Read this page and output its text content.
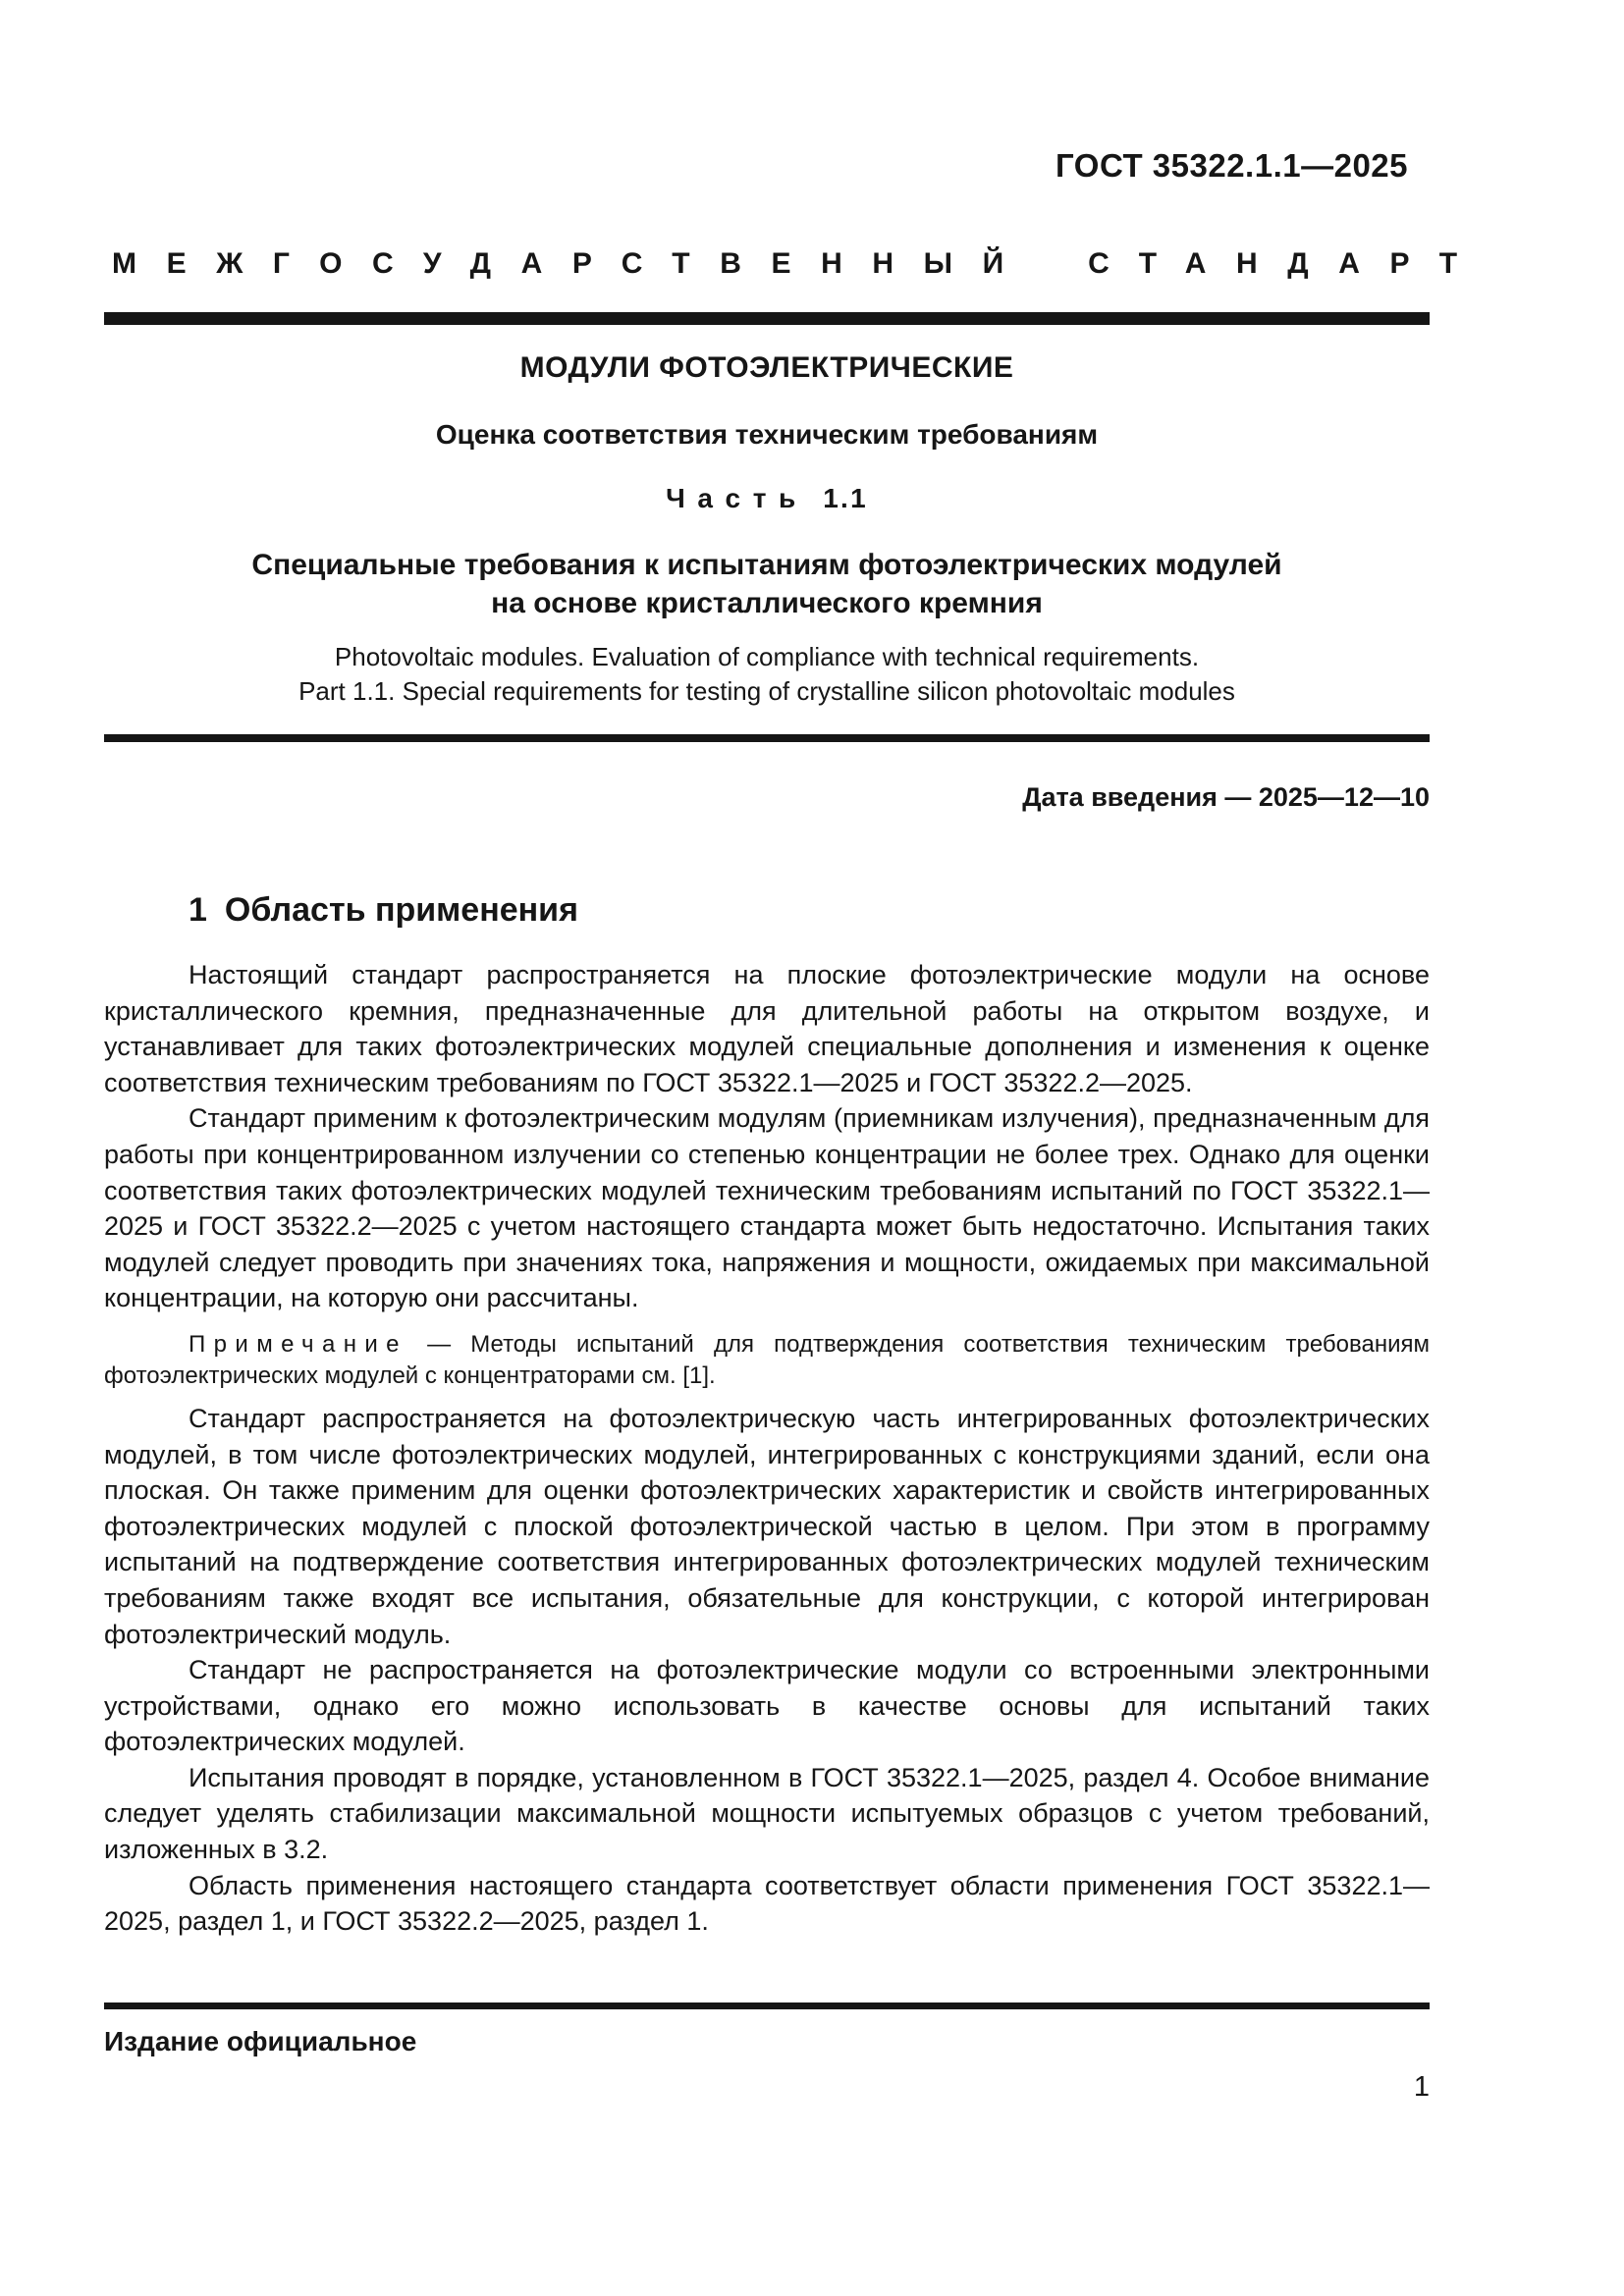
ГОСТ 35322.1.1—2025
МЕЖГОСУДАРСТВЕННЫЙ СТАНДАРТ
МОДУЛИ ФОТОЭЛЕКТРИЧЕСКИЕ
Оценка соответствия техническим требованиям
Часть 1.1
Специальные требования к испытаниям фотоэлектрических модулей
на основе кристаллического кремния
Photovoltaic modules. Evaluation of compliance with technical requirements.
Part 1.1. Special requirements for testing of crystalline silicon photovoltaic modules
Дата введения — 2025—12—10
1 Область применения

Настоящий стандарт распространяется на плоские фотоэлектрические модули на основе кристаллического кремния, предназначенные для длительной работы на открытом воздухе, и устанавливает для таких фотоэлектрических модулей специальные дополнения и изменения к оценке соответствия техническим требованиям по ГОСТ 35322.1—2025 и ГОСТ 35322.2—2025.

Стандарт применим к фотоэлектрическим модулям (приемникам излучения), предназначенным для работы при концентрированном излучении со степенью концентрации не более трех. Однако для оценки соответствия таких фотоэлектрических модулей техническим требованиям испытаний по ГОСТ 35322.1—2025 и ГОСТ 35322.2—2025 с учетом настоящего стандарта может быть недостаточно. Испытания таких модулей следует проводить при значениях тока, напряжения и мощности, ожидаемых при максимальной концентрации, на которую они рассчитаны.

Примечание — Методы испытаний для подтверждения соответствия техническим требованиям фотоэлектрических модулей с концентраторами см. [1].

Стандарт распространяется на фотоэлектрическую часть интегрированных фотоэлектрических модулей, в том числе фотоэлектрических модулей, интегрированных с конструкциями зданий, если она плоская. Он также применим для оценки фотоэлектрических характеристик и свойств интегрированных фотоэлектрических модулей с плоской фотоэлектрической частью в целом. При этом в программу испытаний на подтверждение соответствия интегрированных фотоэлектрических модулей техническим требованиям также входят все испытания, обязательные для конструкции, с которой интегрирован фотоэлектрический модуль.

Стандарт не распространяется на фотоэлектрические модули со встроенными электронными устройствами, однако его можно использовать в качестве основы для испытаний таких фотоэлектрических модулей.

Испытания проводят в порядке, установленном в ГОСТ 35322.1—2025, раздел 4. Особое внимание следует уделять стабилизации максимальной мощности испытуемых образцов с учетом требований, изложенных в 3.2.

Область применения настоящего стандарта соответствует области применения ГОСТ 35322.1—2025, раздел 1, и ГОСТ 35322.2—2025, раздел 1.

Издание официальное
1
